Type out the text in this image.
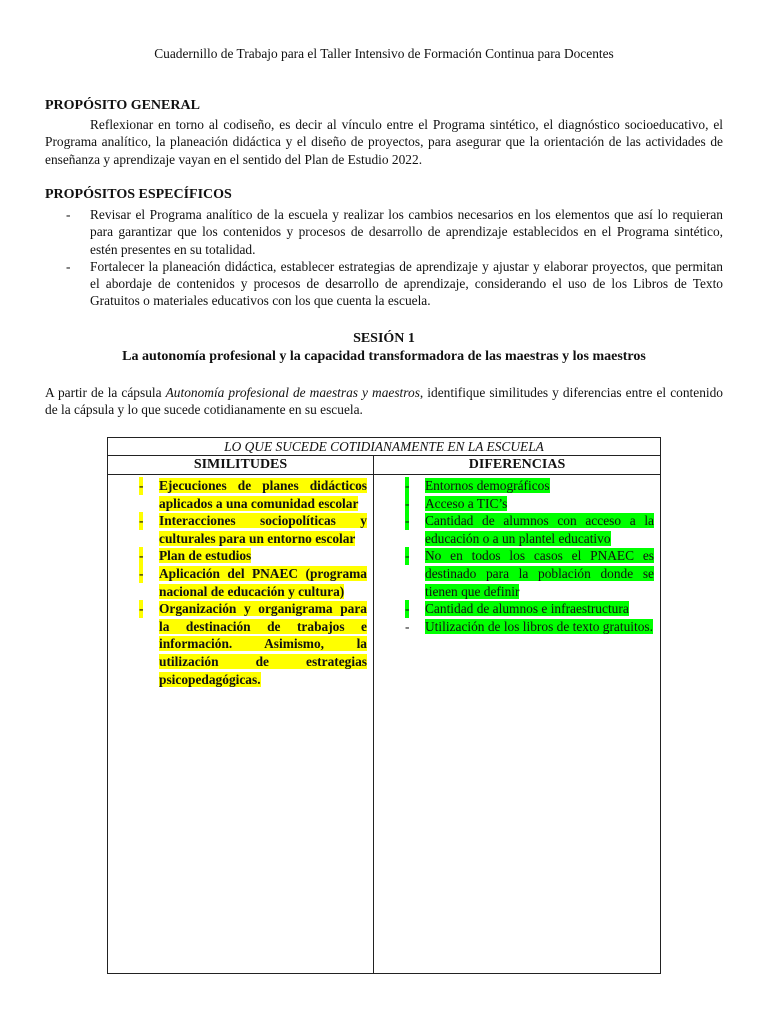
Cuadernillo de Trabajo para el Taller Intensivo de Formación Continua para Docentes
PROPÓSITO GENERAL
Reflexionar en torno al codiseño, es decir al vínculo entre el Programa sintético, el diagnóstico socioeducativo, el Programa analítico, la planeación didáctica y el diseño de proyectos, para asegurar que la orientación de las actividades de enseñanza y aprendizaje vayan en el sentido del Plan de Estudio 2022.
PROPÓSITOS ESPECÍFICOS
- Revisar el Programa analítico de la escuela y realizar los cambios necesarios en los elementos que así lo requieran para garantizar que los contenidos y procesos de desarrollo de aprendizaje establecidos en el Programa sintético, estén presentes en su totalidad.
- Fortalecer la planeación didáctica, establecer estrategias de aprendizaje y ajustar y elaborar proyectos, que permitan el abordaje de contenidos y procesos de desarrollo de aprendizaje, considerando el uso de los Libros de Texto Gratuitos o materiales educativos con los que cuenta la escuela.
SESIÓN 1
La autonomía profesional y la capacidad transformadora de las maestras y los maestros
A partir de la cápsula Autonomía profesional de maestras y maestros, identifique similitudes y diferencias entre el contenido de la cápsula y lo que sucede cotidianamente en su escuela.
LO QUE SUCEDE COTIDIANAMENTE EN LA ESCUELA
SIMILITUDES	DIFERENCIAS
- Ejecuciones de planes didácticos aplicados a una comunidad escolar
- Interacciones sociopolíticas y culturales para un entorno escolar
- Plan de estudios
- Aplicación del PNAEC (programa nacional de educación y cultura)
- Organización y organigrama para la destinación de trabajos e información. Asimismo, la utilización de estrategias psicopedagógicas.
- Entornos demográficos
- Acceso a TIC’s
- Cantidad de alumnos con acceso a la educación o a un plantel educativo
- No en todos los casos el PNAEC es destinado para la población donde se tienen que definir
- Cantidad de alumnos e infraestructura
- Utilización de los libros de texto gratuitos.
